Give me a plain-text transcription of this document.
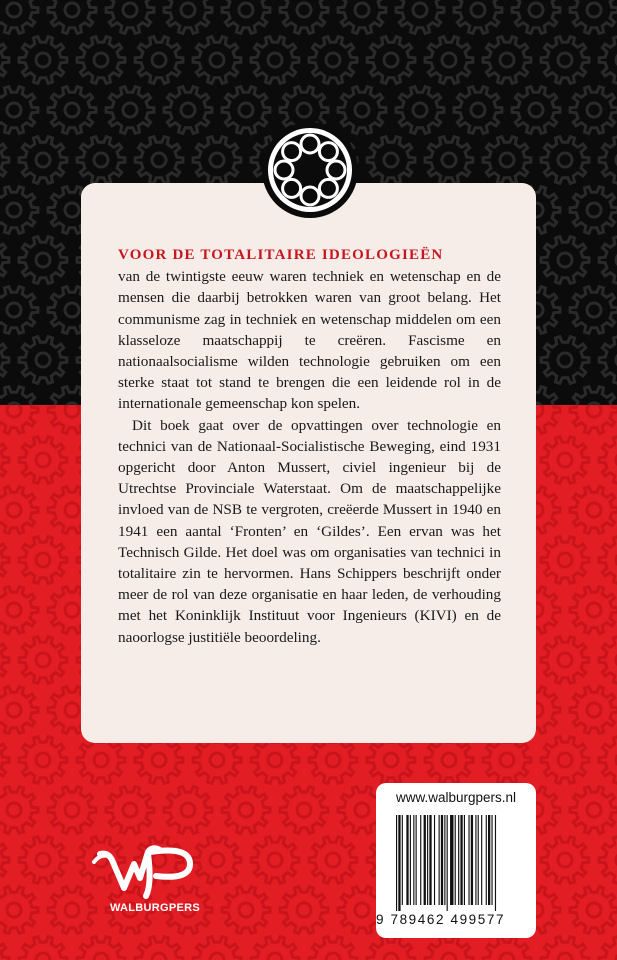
VOOR DE TOTALITAIRE IDEOLOGIEËN

van de twintigste eeuw waren techniek en wetenschap en de mensen die daarbij betrokken waren van groot belang. Het communisme zag in techniek en wetenschap middelen om een klasseloze maatschappij te creëren. Fascisme en nationaalsocialisme wilden technologie gebruiken om een sterke staat tot stand te brengen die een leidende rol in de internationale gemeenschap kon spelen.

Dit boek gaat over de opvattingen over technologie en technici van de Nationaal-Socialistische Beweging, eind 1931 opgericht door Anton Mussert, civiel ingenieur bij de Utrechtse Provinciale Waterstaat. Om de maatschappelijke invloed van de NSB te vergroten, creëerde Mussert in 1940 en 1941 een aantal ‘Fronten’ en ‘Gildes’. Een ervan was het Technisch Gilde. Het doel was om organisaties van technici in totalitaire zin te hervormen. Hans Schippers beschrijft onder meer de rol van deze organisatie en haar leden, de verhouding met het Koninklijk Instituut voor Ingenieurs (KIVI) en de naoorlogse justitiële beoordeling.

WALBURGPERS
www.walburgpers.nl
9 789462 499577
